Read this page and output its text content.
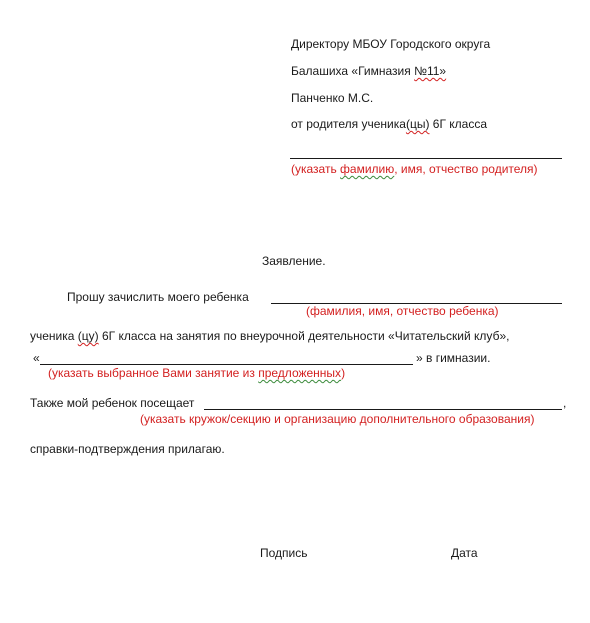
Директору МБОУ Городского округа
Балашиха «Гимназия №11»
Панченко М.С.
от родителя ученика(цы) 6Г класса
(указать фамилию, имя, отчество родителя)
Заявление.
Прошу зачислить моего ребенка
(фамилия, имя, отчество ребенка)
ученика (цу) 6Г класса на занятия по внеурочной деятельности «Читательский клуб»,
«	» в гимназии.
(указать выбранное Вами занятие из предложенных)
Также мой ребенок посещает	,
(указать кружок/секцию и организацию дополнительного образования)
справки-подтверждения прилагаю.
Подпись	Дата
